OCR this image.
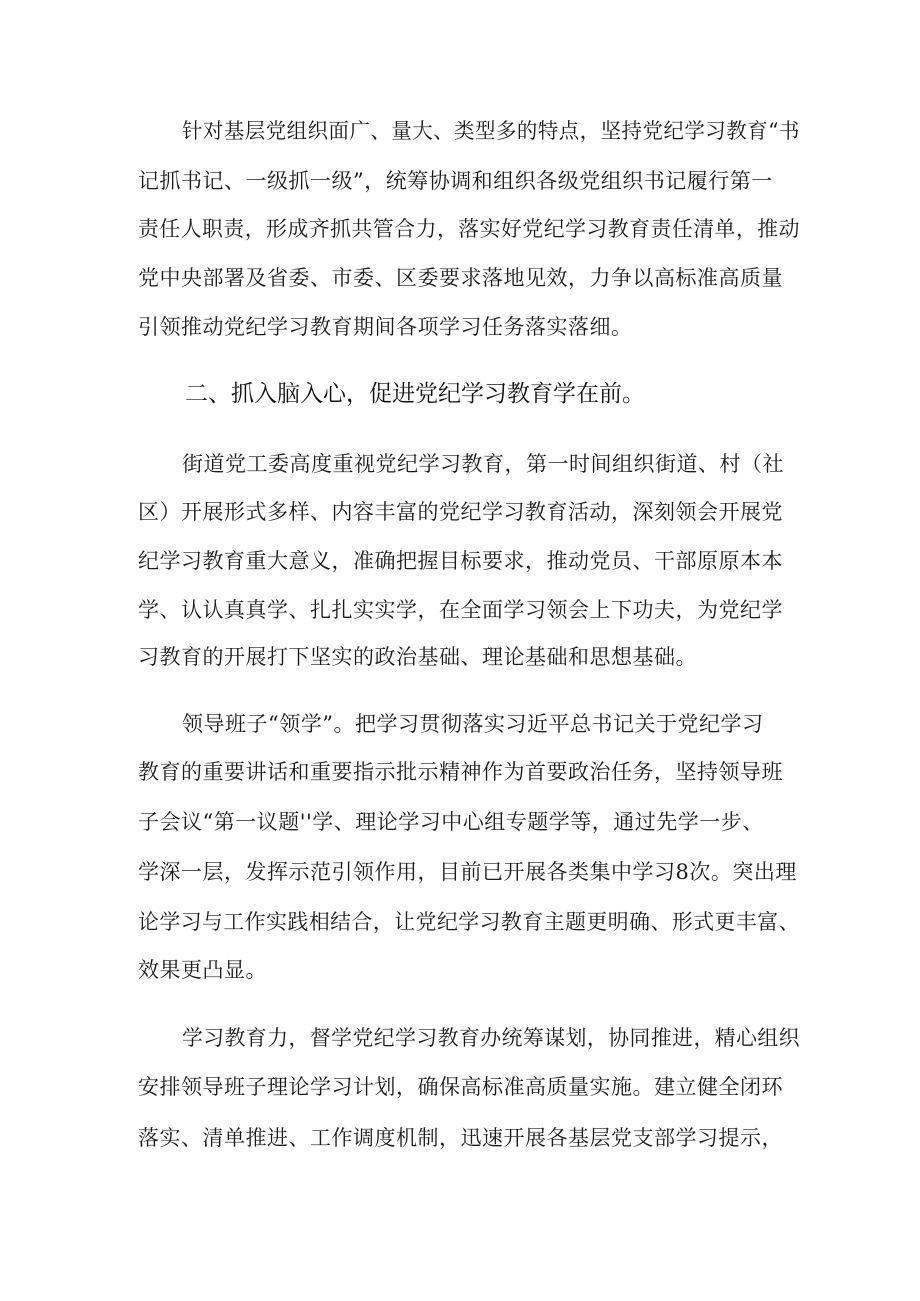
针对基层党组织面广、量大、类型多的特点，坚持党纪学习教育“书
记抓书记、一级抓一级”，统筹协调和组织各级党组织书记履行第一
责任人职责，形成齐抓共管合力，落实好党纪学习教育责任清单，推动
党中央部署及省委、市委、区委要求落地见效，力争以高标准高质量
引领推动党纪学习教育期间各项学习任务落实落细。
二、抓入脑入心，促进党纪学习教育学在前。
街道党工委高度重视党纪学习教育，第一时间组织街道、村（社
区）开展形式多样、内容丰富的党纪学习教育活动，深刻领会开展党
纪学习教育重大意义，准确把握目标要求，推动党员、干部原原本本
学、认认真真学、扎扎实实学，在全面学习领会上下功夫，为党纪学
习教育的开展打下坚实的政治基础、理论基础和思想基础。
领导班子“领学”。把学习贯彻落实习近平总书记关于党纪学习
教育的重要讲话和重要指示批示精神作为首要政治任务，坚持领导班
子会议“第一议题''学、理论学习中心组专题学等，通过先学一步、
学深一层，发挥示范引领作用，目前已开展各类集中学习8次。突出理
论学习与工作实践相结合，让党纪学习教育主题更明确、形式更丰富、
效果更凸显。
学习教育力，督学党纪学习教育办统筹谋划，协同推进，精心组织
安排领导班子理论学习计划，确保高标准高质量实施。建立健全闭环
落实、清单推进、工作调度机制，迅速开展各基层党支部学习提示，
